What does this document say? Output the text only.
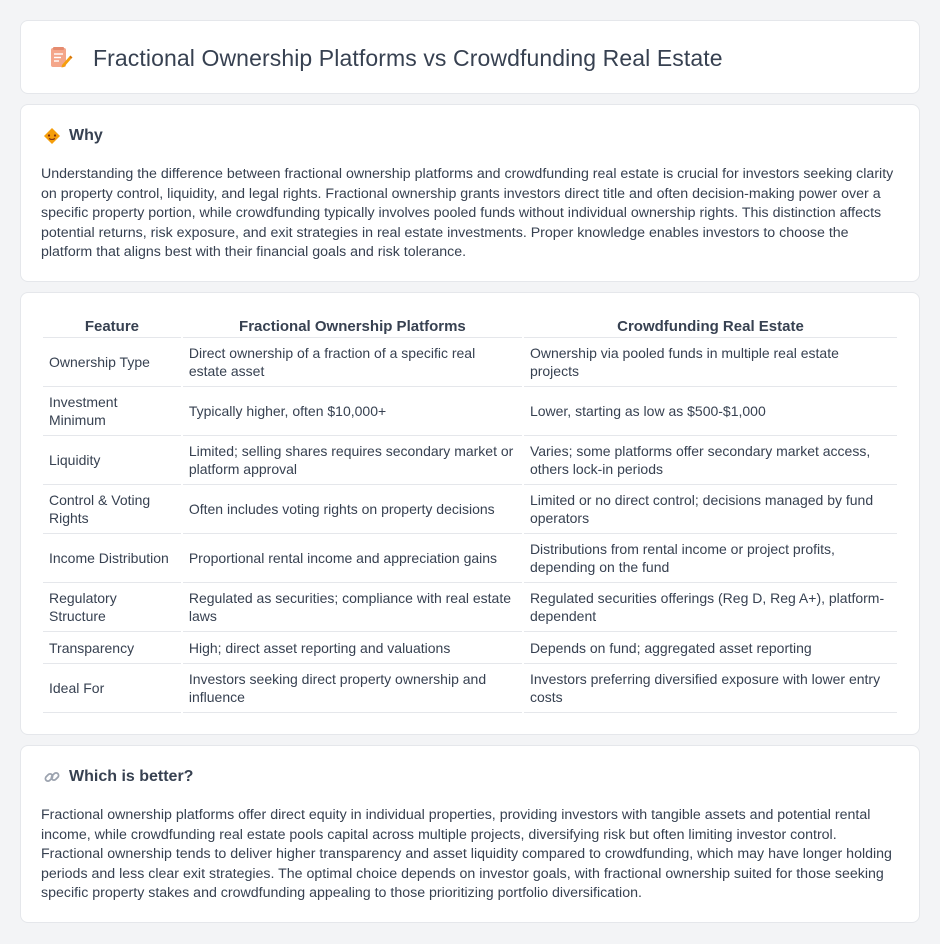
Fractional Ownership Platforms vs Crowdfunding Real Estate
Why

Understanding the difference between fractional ownership platforms and crowdfunding real estate is crucial for investors seeking clarity on property control, liquidity, and legal rights. Fractional ownership grants investors direct title and often decision-making power over a specific property portion, while crowdfunding typically involves pooled funds without individual ownership rights. This distinction affects potential returns, risk exposure, and exit strategies in real estate investments. Proper knowledge enables investors to choose the platform that aligns best with their financial goals and risk tolerance.

Feature	Fractional Ownership Platforms	Crowdfunding Real Estate
Ownership Type	Direct ownership of a fraction of a specific real estate asset	Ownership via pooled funds in multiple real estate projects
Investment Minimum	Typically higher, often $10,000+	Lower, starting as low as $500-$1,000
Liquidity	Limited; selling shares requires secondary market or platform approval	Varies; some platforms offer secondary market access, others lock-in periods
Control & Voting Rights	Often includes voting rights on property decisions	Limited or no direct control; decisions managed by fund operators
Income Distribution	Proportional rental income and appreciation gains	Distributions from rental income or project profits, depending on the fund
Regulatory Structure	Regulated as securities; compliance with real estate laws	Regulated securities offerings (Reg D, Reg A+), platform-dependent
Transparency	High; direct asset reporting and valuations	Depends on fund; aggregated asset reporting
Ideal For	Investors seeking direct property ownership and influence	Investors preferring diversified exposure with lower entry costs
Which is better?

Fractional ownership platforms offer direct equity in individual properties, providing investors with tangible assets and potential rental income, while crowdfunding real estate pools capital across multiple projects, diversifying risk but often limiting investor control. Fractional ownership tends to deliver higher transparency and asset liquidity compared to crowdfunding, which may have longer holding periods and less clear exit strategies. The optimal choice depends on investor goals, with fractional ownership suited for those seeking specific property stakes and crowdfunding appealing to those prioritizing portfolio diversification.
